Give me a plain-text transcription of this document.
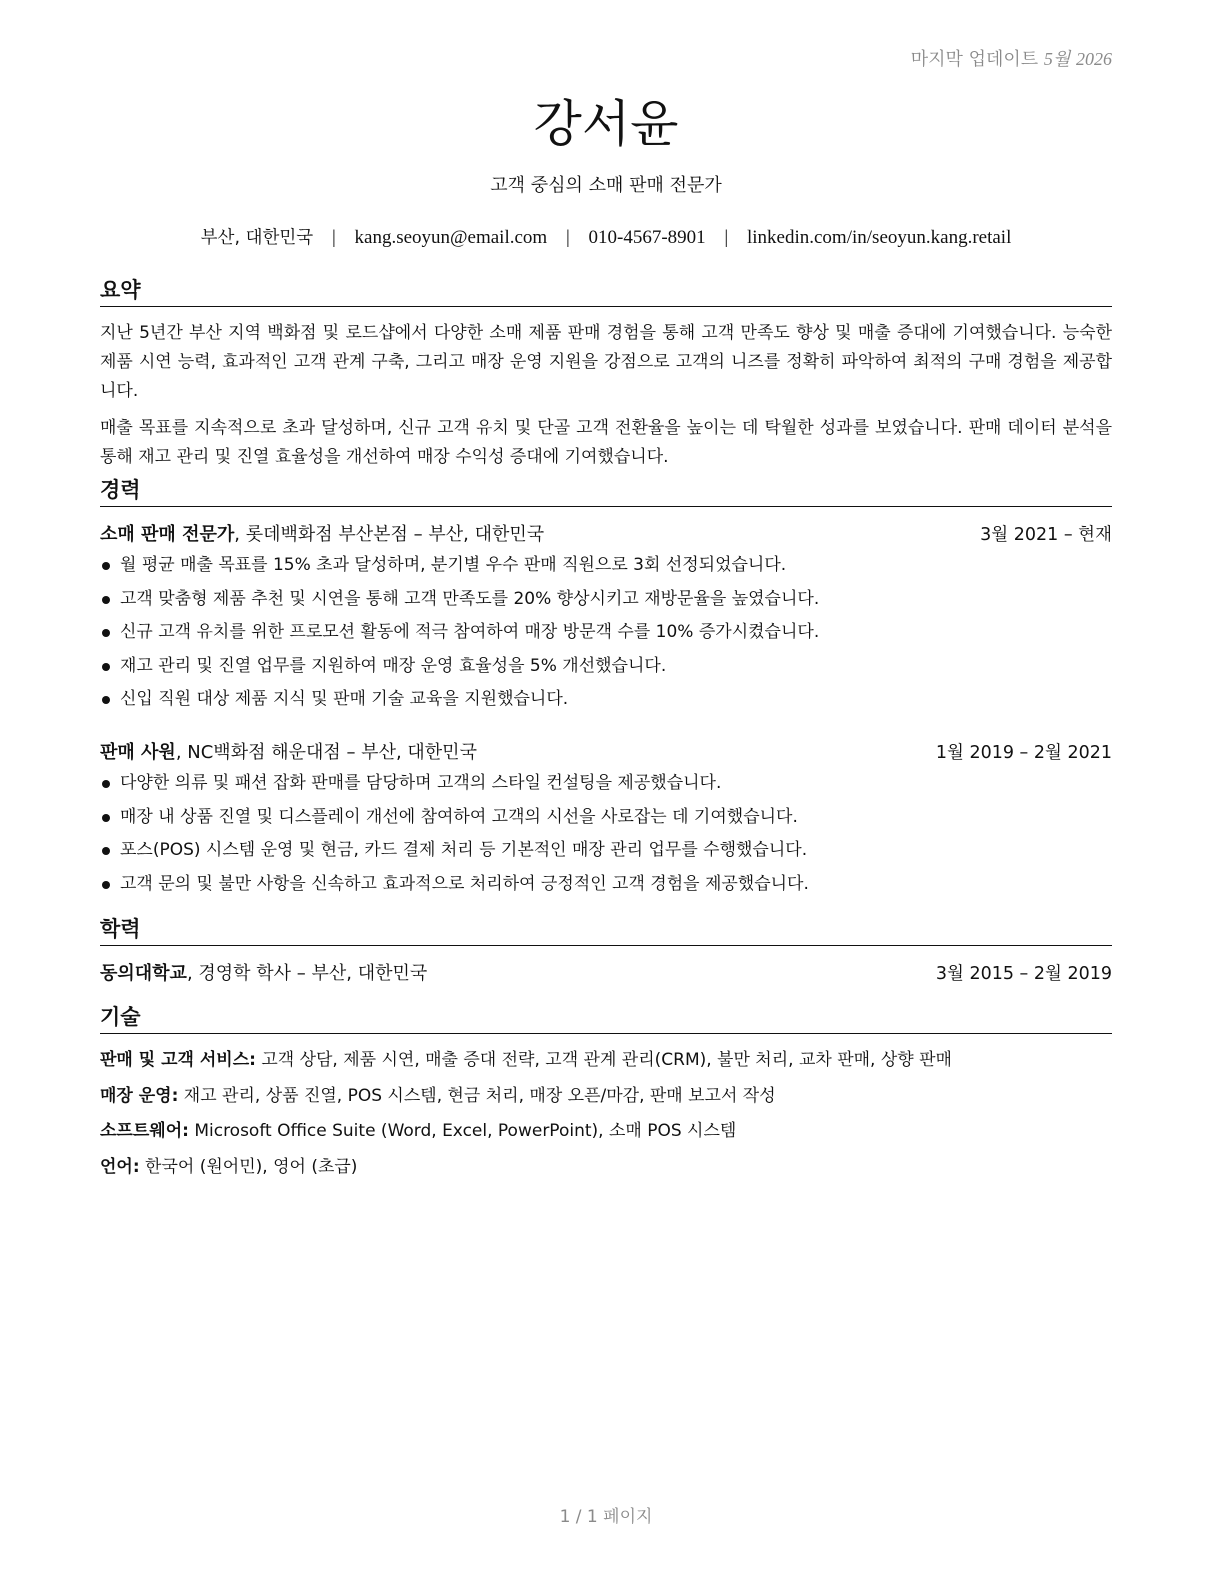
마지막 업데이트 5월 2026
강서윤
고객 중심의 소매 판매 전문가
부산, 대한민국 | kang.seoyun@email.com | 010-4567-8901 | linkedin.com/in/seoyun.kang.retail
요약

지난 5년간 부산 지역 백화점 및 로드샵에서 다양한 소매 제품 판매 경험을 통해 고객 만족도 향상 및 매출 증대에 기여했습니다. 능숙한 제품 시연 능력, 효과적인 고객 관계 구축, 그리고 매장 운영 지원을 강점으로 고객의 니즈를 정확히 파악하여 최적의 구매 경험을 제공합니다.

매출 목표를 지속적으로 초과 달성하며, 신규 고객 유치 및 단골 고객 전환율을 높이는 데 탁월한 성과를 보였습니다. 판매 데이터 분석을 통해 재고 관리 및 진열 효율성을 개선하여 매장 수익성 증대에 기여했습니다.

경력
소매 판매 전문가, 롯데백화점 부산본점 – 부산, 대한민국	3월 2021 – 현재
월 평균 매출 목표를 15% 초과 달성하며, 분기별 우수 판매 직원으로 3회 선정되었습니다.
고객 맞춤형 제품 추천 및 시연을 통해 고객 만족도를 20% 향상시키고 재방문율을 높였습니다.
신규 고객 유치를 위한 프로모션 활동에 적극 참여하여 매장 방문객 수를 10% 증가시켰습니다.
재고 관리 및 진열 업무를 지원하여 매장 운영 효율성을 5% 개선했습니다.
신입 직원 대상 제품 지식 및 판매 기술 교육을 지원했습니다.
판매 사원, NC백화점 해운대점 – 부산, 대한민국	1월 2019 – 2월 2021
다양한 의류 및 패션 잡화 판매를 담당하며 고객의 스타일 컨설팅을 제공했습니다.
매장 내 상품 진열 및 디스플레이 개선에 참여하여 고객의 시선을 사로잡는 데 기여했습니다.
포스(POS) 시스템 운영 및 현금, 카드 결제 처리 등 기본적인 매장 관리 업무를 수행했습니다.
고객 문의 및 불만 사항을 신속하고 효과적으로 처리하여 긍정적인 고객 경험을 제공했습니다.
학력
동의대학교, 경영학 학사 – 부산, 대한민국	3월 2015 – 2월 2019
기술
판매 및 고객 서비스: 고객 상담, 제품 시연, 매출 증대 전략, 고객 관계 관리(CRM), 불만 처리, 교차 판매, 상향 판매
매장 운영: 재고 관리, 상품 진열, POS 시스템, 현금 처리, 매장 오픈/마감, 판매 보고서 작성
소프트웨어: Microsoft Office Suite (Word, Excel, PowerPoint), 소매 POS 시스템
언어: 한국어 (원어민), 영어 (초급)
1 / 1 페이지
